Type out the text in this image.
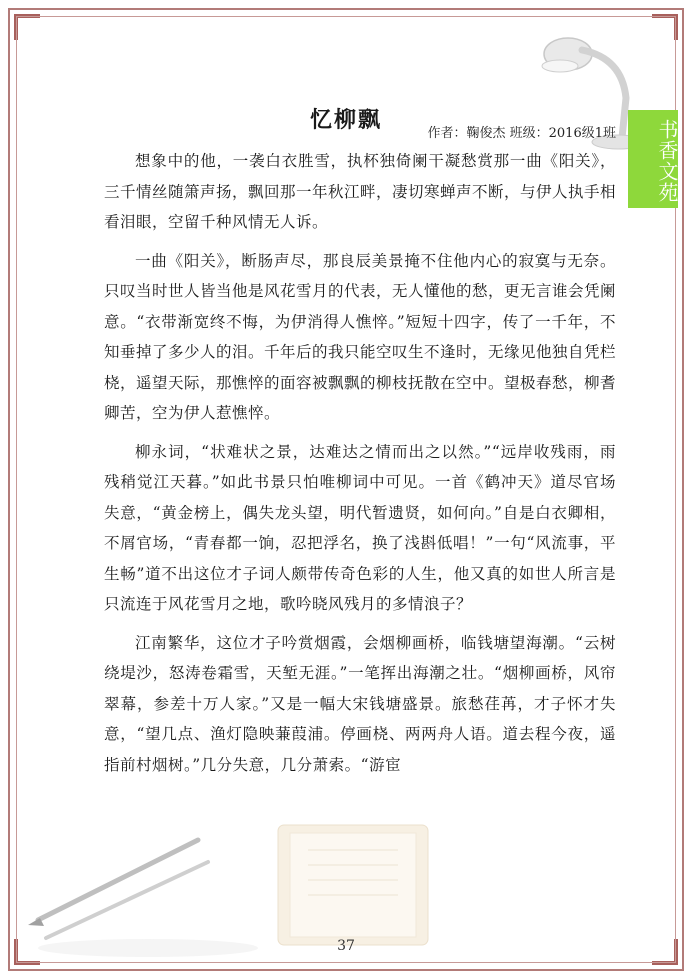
书香文苑
忆柳飘
作者：鞠俊杰 班级：2016级1班

想象中的他，一袭白衣胜雪，执杯独倚阑干凝愁赏那一曲《阳关》，三千情丝随箫声扬，飘回那一年秋江畔，凄切寒蝉声不断，与伊人执手相看泪眼，空留千种风情无人诉。

一曲《阳关》，断肠声尽，那良辰美景掩不住他内心的寂寞与无奈。只叹当时世人皆当他是风花雪月的代表，无人懂他的愁，更无言谁会凭阑意。“衣带渐宽终不悔，为伊消得人憔悴。”短短十四字，传了一千年，不知垂掉了多少人的泪。千年后的我只能空叹生不逢时，无缘见他独自凭栏桡，遥望天际，那憔悴的面容被飘飘的柳枝抚散在空中。望极春愁，柳耆卿苦，空为伊人惹憔悴。

柳永词，“状难状之景，达难达之情而出之以然。”“远岸收残雨，雨残稍觉江天暮。”如此书景只怕唯柳词中可见。一首《鹤冲天》道尽官场失意，“黄金榜上，偶失龙头望，明代暂遗贤，如何向。”自是白衣卿相，不屑官场，“青春都一饷，忍把浮名，换了浅斟低唱！”一句“风流事，平生畅”道不出这位才子词人颇带传奇色彩的人生，他又真的如世人所言是只流连于风花雪月之地，歌吟晓风残月的多情浪子？

江南繁华，这位才子吟赏烟霞，会烟柳画桥，临钱塘望海潮。“云树绕堤沙，怒涛卷霜雪，天堑无涯。”一笔挥出海潮之壮。“烟柳画桥，风帘翠幕，参差十万人家。”又是一幅大宋钱塘盛景。旅愁荏苒，才子怀才失意，“望几点、渔灯隐映蒹葭浦。停画桡、两两舟人语。道去程今夜，遥指前村烟树。”几分失意，几分萧索。“游宦

37
